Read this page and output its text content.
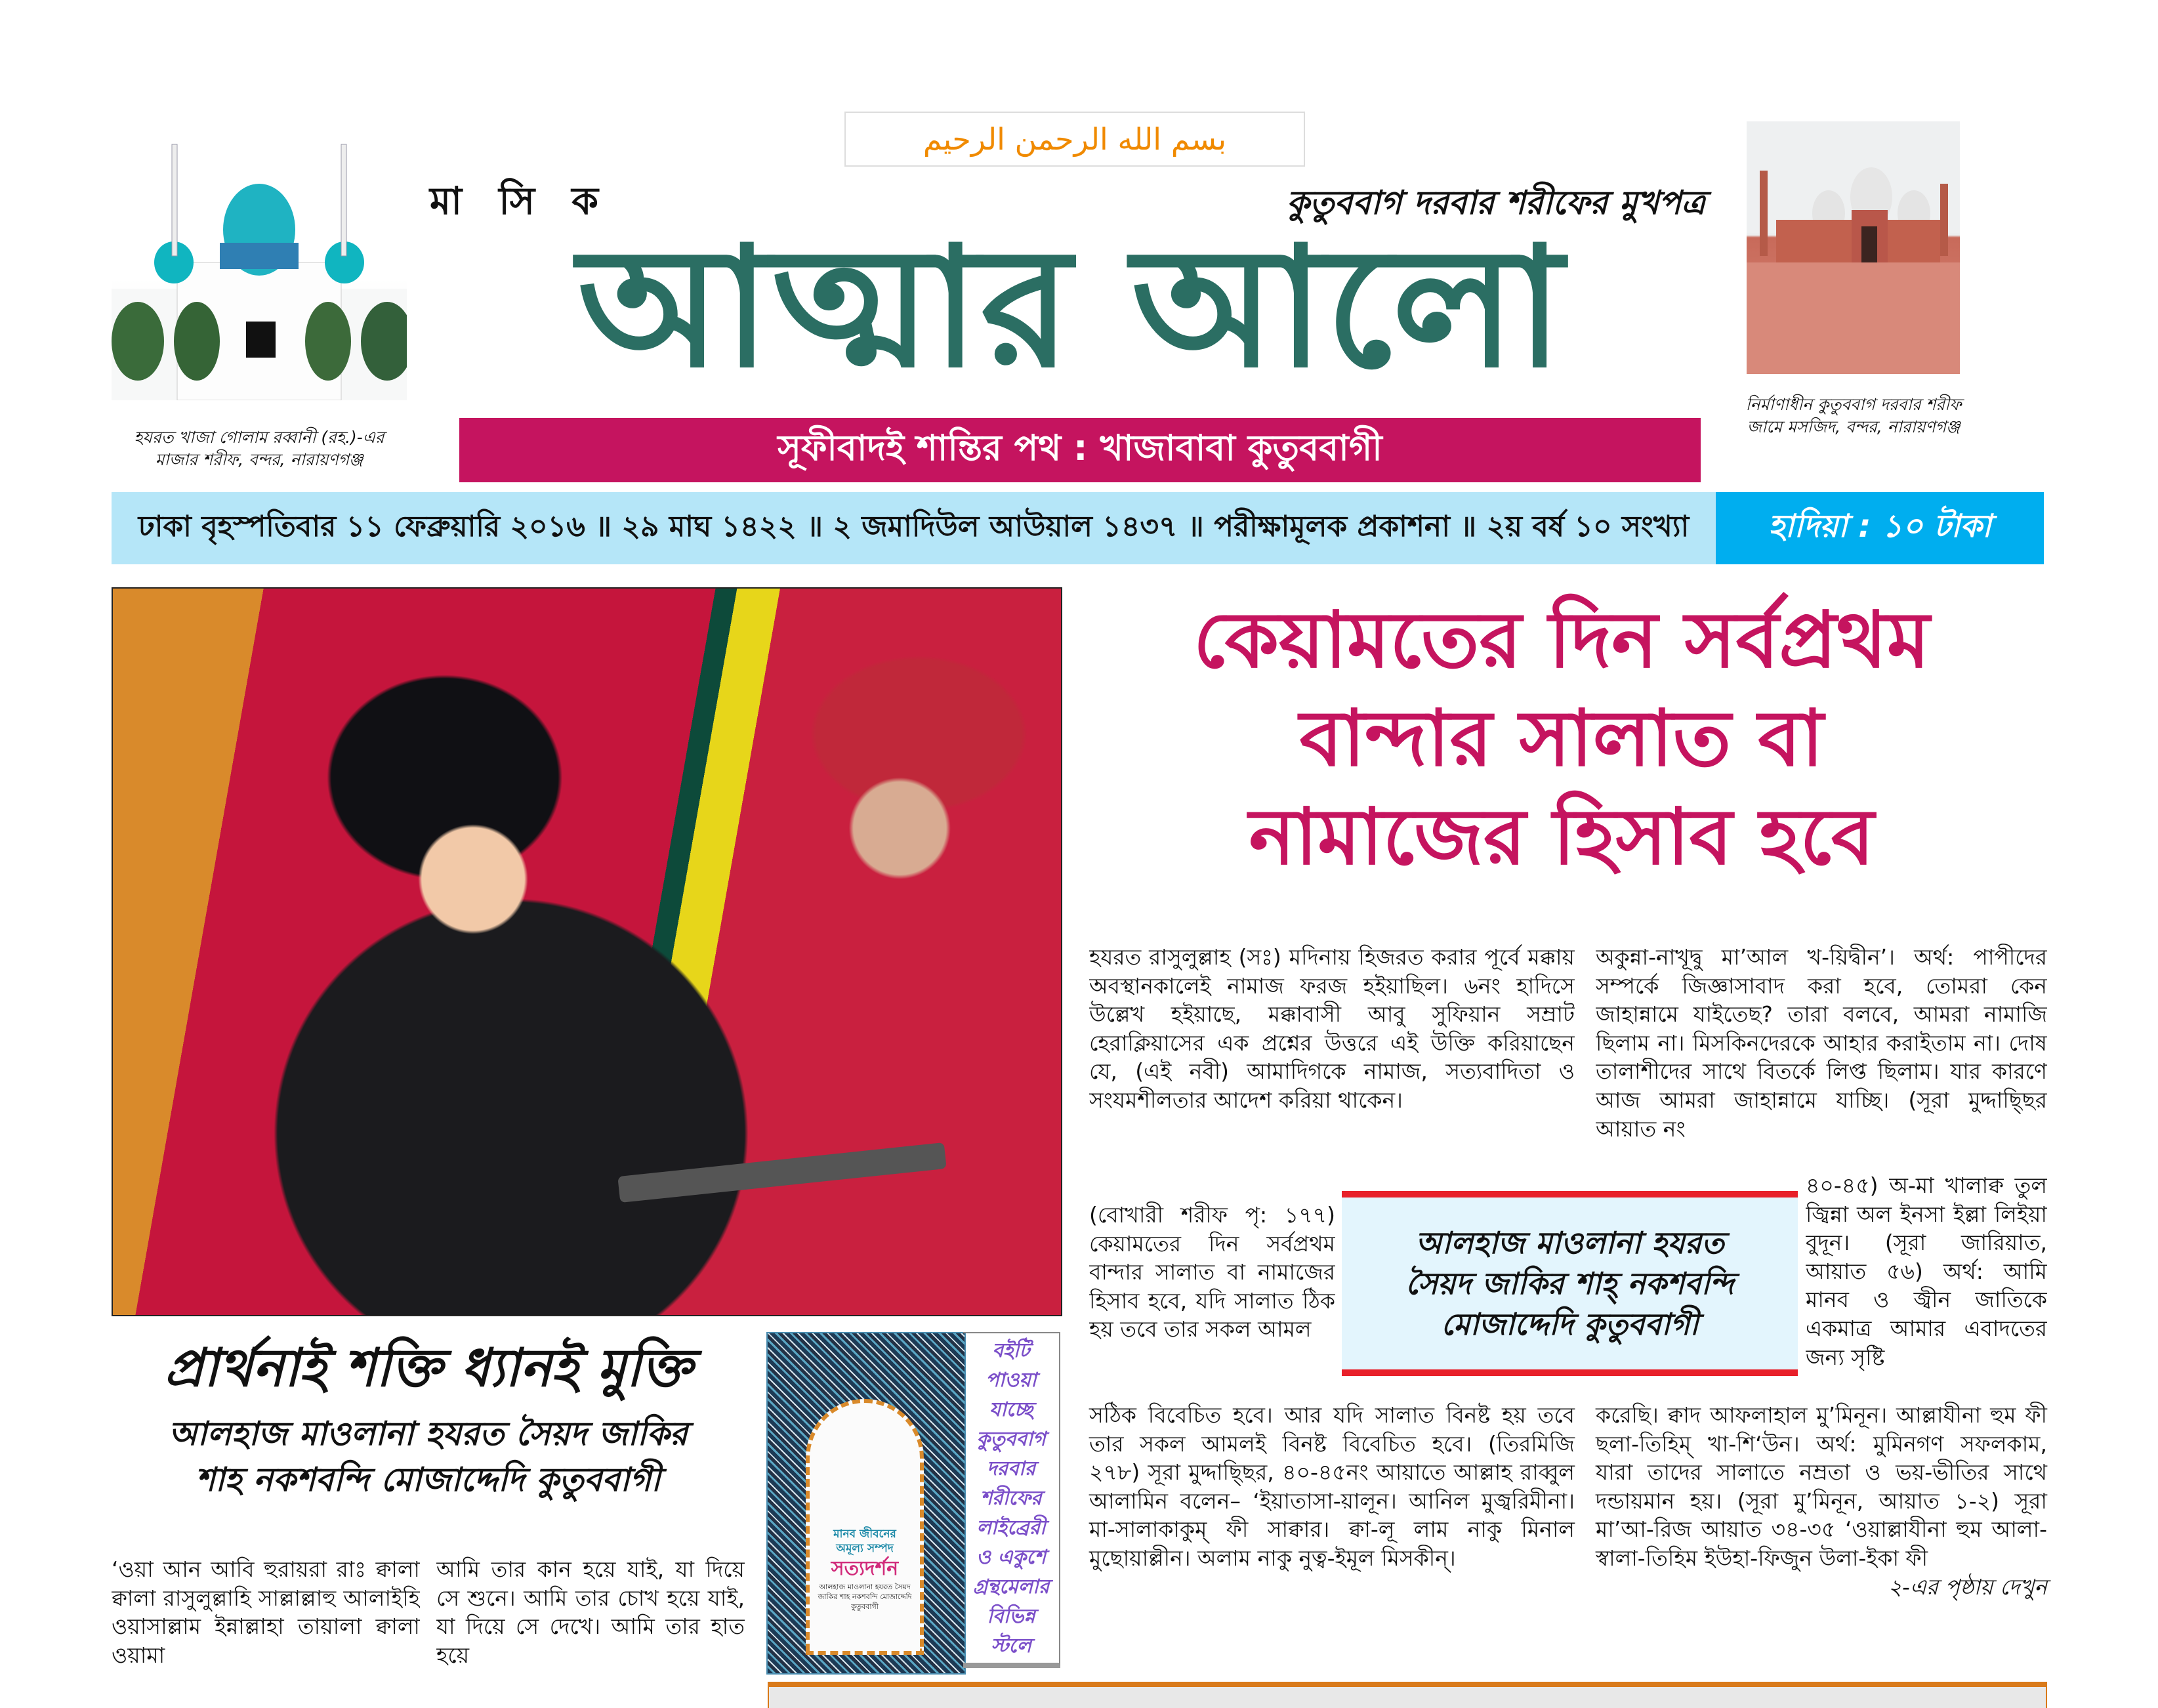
হযরত খাজা গোলাম রব্বানী (রহ.)-এর
মাজার শরীফ, বন্দর, নারায়ণগঞ্জ
بسم الله الرحمن الرحيم
মা সি ক	কুতুববাগ দরবার শরীফের মুখপত্র
আত্মার আলো
সূফীবাদই শান্তির পথ : খাজাবাবা কুতুববাগী
নির্মাণাধীন কুতুববাগ দরবার শরীফ
জামে মসজিদ, বন্দর, নারায়ণগঞ্জ
ঢাকা বৃহস্পতিবার ১১ ফেব্রুয়ারি ২০১৬ ॥ ২৯ মাঘ ১৪২২ ॥ ২ জমাদিউল আউয়াল ১৪৩৭ ॥ পরীক্ষামূলক প্রকাশনা ॥ ২য় বর্ষ ১০ সংখ্যা	হাদিয়া : ১০ টাকা
কেয়ামতের দিন সর্বপ্রথম
বান্দার সালাত বা
নামাজের হিসাব হবে
হযরত রাসুলুল্লাহ (সঃ) মদিনায় হিজরত করার পূর্বে মক্কায় অবস্থানকালেই নামাজ ফরজ হইয়াছিল। ৬নং হাদিসে উল্লেখ হইয়াছে, মক্কাবাসী আবু সুফিয়ান সম্রাট হেরাক্লিয়াসের এক প্রশ্নের উত্তরে এই উক্তি করিয়াছেন যে, (এই নবী) আমাদিগকে নামাজ, সত্যবাদিতা ও সংযমশীলতার আদেশ করিয়া থাকেন।
(বোখারী শরীফ পৃ: ১৭৭) কেয়ামতের দিন সর্বপ্রথম বান্দার সালাত বা নামাজের হিসাব হবে, যদি সালাত ঠিক হয় তবে তার সকল আমল
সঠিক বিবেচিত হবে। আর যদি সালাত বিনষ্ট হয় তবে তার সকল আমলই বিনষ্ট বিবেচিত হবে। (তিরমিজি ২৭৮) সূরা মুদ্দাছ্ছির, ৪০-৪৫নং আয়াতে আল্লাহ রাব্বুল আলামিন বলেন– ‘ইয়াতাসা-য়ালূন। আনিল মুজ্বরিমীনা। মা-সালাকাকুম্ ফী সাক্বার। ক্বা-লূ লাম নাকু মিনাল মুছোয়াল্লীন। অলাম নাকু নুত্ব-ইমূল মিসকীন্।
অকুন্না-নাখূদ্বু মা’আল খ-য়িদ্বীন’। অর্থ: পাপীদের সম্পর্কে জিজ্ঞাসাবাদ করা হবে, তোমরা কেন জাহান্নামে যাইতেছ? তারা বলবে, আমরা নামাজি ছিলাম না। মিসকিনদেরকে আহার করাইতাম না। দোষ তালাশীদের সাথে বিতর্কে লিপ্ত ছিলাম। যার কারণে আজ আমরা জাহান্নামে যাচ্ছি। (সূরা মুদ্দাছ্ছির আয়াত নং
৪০-৪৫) অ-মা খালাক্ব তুল জ্বিন্না অল ইনসা ইল্লা লিইয়া বুদূন। (সূরা জারিয়াত, আয়াত ৫৬) অর্থ: আমি মানব ও জ্বীন জাতিকে একমাত্র আমার এবাদতের জন্য সৃষ্টি
করেছি। ক্বাদ আফলাহাল মু’মিনূন। আল্লাযীনা হুম ফী ছলা-তিহিম্ খা-শি‘উন। অর্থ: মুমিনগণ সফলকাম, যারা তাদের সালাতে নম্রতা ও ভয়-ভীতির সাথে দন্ডায়মান হয়। (সূরা মু’মিনূন, আয়াত ১-২) সূরা মা’আ-রিজ আয়াত ৩৪-৩৫ ‘ওয়াল্লাযীনা হুম আলা-স্বালা-তিহিম ইউহা-ফিজুন উলা-ইকা ফী
২-এর পৃষ্ঠায় দেখুন
আলহাজ মাওলানা হযরত
সৈয়দ জাকির শাহ্ নকশবন্দি
মোজাদ্দেদি কুতুববাগী
প্রার্থনাই শক্তি ধ্যানই মুক্তি
আলহাজ মাওলানা হযরত সৈয়দ জাকির
শাহ নকশবন্দি মোজাদ্দেদি কুতুববাগী
‘ওয়া আন আবি হুরায়রা রাঃ ক্বালা ক্বালা রাসুলুল্লাহি সাল্লাল্লাহু আলাইহি ওয়াসাল্লাম ইন্নাল্লাহা তায়ালা ক্বালা ওয়ামা
আমি তার কান হয়ে যাই, যা দিয়ে সে শুনে। আমি তার চোখ হয়ে যাই, যা দিয়ে সে দেখে। আমি তার হাত হয়ে
মানব জীবনের
অমূল্য সম্পদ
সত্যদর্শন
আলহাজ মাওলানা হযরত সৈয়দ জাকির শাহ নকশবন্দি মোজাদ্দেদি কুতুববাগী
বইটি পাওয়া যাচ্ছে কুতুববাগ দরবার শরীফের লাইব্রেরী ও একুশে গ্রন্থমেলার বিভিন্ন স্টলে
